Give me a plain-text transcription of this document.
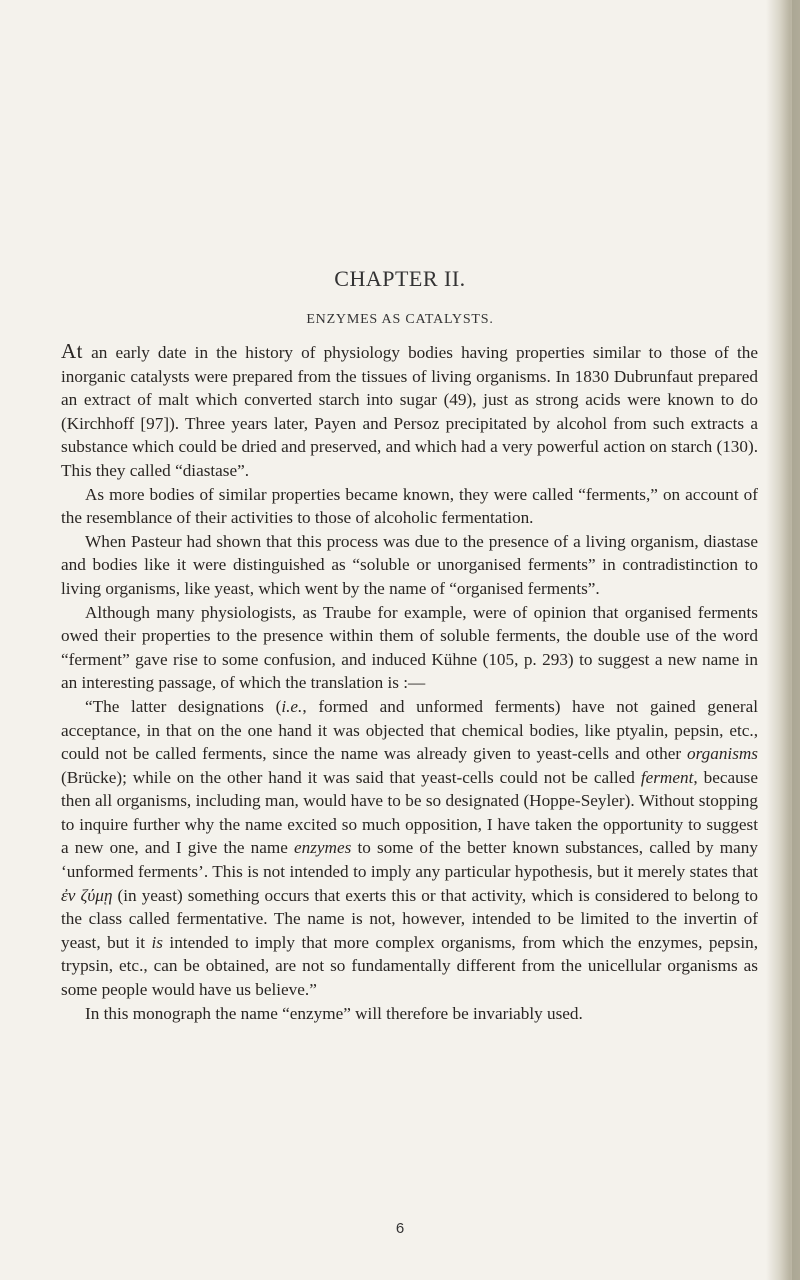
CHAPTER II.
ENZYMES AS CATALYSTS.

At an early date in the history of physiology bodies having properties similar to those of the inorganic catalysts were prepared from the tissues of living organisms. In 1830 Dubrunfaut prepared an extract of malt which converted starch into sugar (49), just as strong acids were known to do (Kirchhoff [97]). Three years later, Payen and Persoz precipitated by alcohol from such extracts a substance which could be dried and preserved, and which had a very powerful action on starch (130). This they called “diastase”.

As more bodies of similar properties became known, they were called “ferments,” on account of the resemblance of their activities to those of alcoholic fermentation.

When Pasteur had shown that this process was due to the presence of a living organism, diastase and bodies like it were distinguished as “soluble or unorganised ferments” in contradistinction to living organisms, like yeast, which went by the name of “organised ferments”.

Although many physiologists, as Traube for example, were of opinion that organised ferments owed their properties to the presence within them of soluble ferments, the double use of the word “ferment” gave rise to some confusion, and induced Kühne (105, p. 293) to suggest a new name in an interesting passage, of which the translation is :—

“The latter designations (i.e., formed and unformed ferments) have not gained general acceptance, in that on the one hand it was objected that chemical bodies, like ptyalin, pepsin, etc., could not be called ferments, since the name was already given to yeast-cells and other organisms (Brücke); while on the other hand it was said that yeast-cells could not be called ferment, because then all organisms, including man, would have to be so designated (Hoppe-Seyler). Without stopping to inquire further why the name excited so much opposition, I have taken the opportunity to suggest a new one, and I give the name enzymes to some of the better known substances, called by many ‘unformed ferments’. This is not intended to imply any particular hypothesis, but it merely states that ἐν ζύμῃ (in yeast) something occurs that exerts this or that activity, which is considered to belong to the class called fermentative. The name is not, however, intended to be limited to the invertin of yeast, but it is intended to imply that more complex organisms, from which the enzymes, pepsin, trypsin, etc., can be obtained, are not so fundamentally different from the unicellular organisms as some people would have us believe.”

In this monograph the name “enzyme” will therefore be invariably used.

6
